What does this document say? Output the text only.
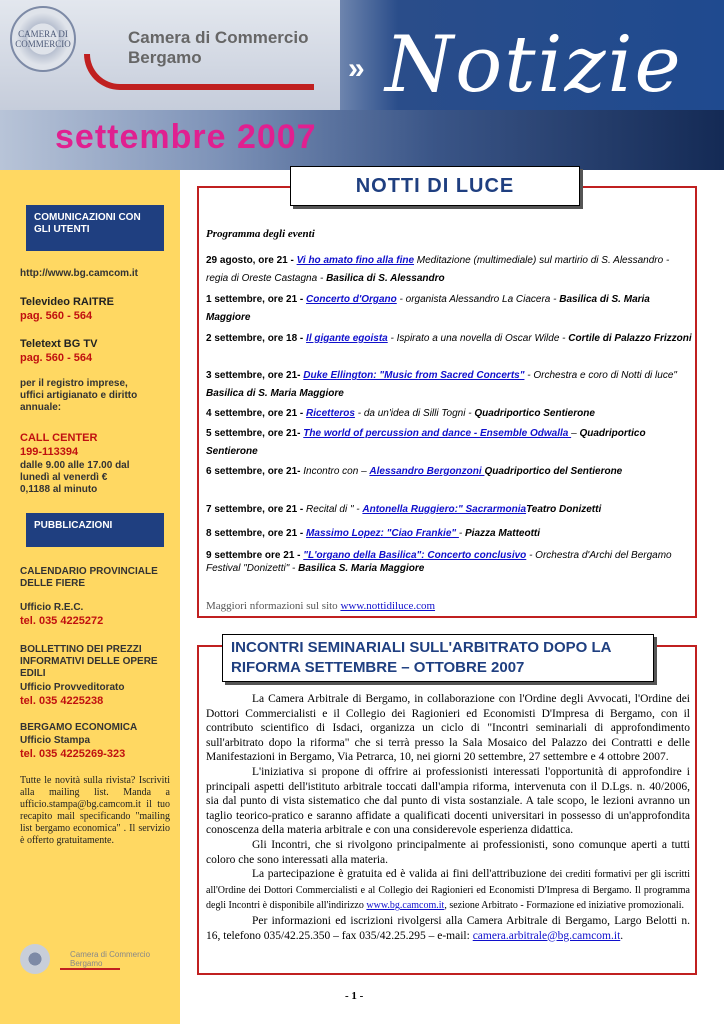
CAMERA DI COMMERCIO	Camera di Commercio
Bergamo	» Notizie
settembre 2007
COMUNICAZIONI CON GLI UTENTI
http://www.bg.camcom.it
Televideo RAITRE
pag. 560 - 564
Teletext BG TV
pag. 560 - 564
per il registro imprese, uffici artigianato e diritto annuale:
CALL CENTER
199-113394
dalle 9.00 alle 17.00 dal lunedì al venerdì € 0,1188 al minuto
PUBBLICAZIONI
CALENDARIO PROVINCIALE DELLE FIERE
Ufficio R.E.C.
tel. 035 4225272
BOLLETTINO DEI PREZZI INFORMATIVI DELLE OPERE EDILI
Ufficio Provveditorato
tel. 035 4225238
BERGAMO ECONOMICA
Ufficio Stampa
tel. 035 4225269-323
Tutte le novità sulla rivista? Iscriviti alla mailing list. Manda a ufficio.stampa@bg.camcom.it il tuo recapito mail specificando "mailing list bergamo economica" . Il servizio è offerto gratuitamente.
Camera di Commercio
Bergamo
NOTTI DI LUCE
Programma degli eventi
29 agosto, ore 21 - Vi ho amato fino alla fine Meditazione (multimediale) sul martirio di S. Alessandro - regia di Oreste Castagna - Basilica di S. Alessandro
1 settembre, ore 21 - Concerto d'Organo - organista Alessandro La Ciacera - Basilica di S. Maria Maggiore
2 settembre, ore 18 - Il gigante egoista - Ispirato a una novella di Oscar Wilde - Cortile di Palazzo Frizzoni
3 settembre, ore 21- Duke Ellington: "Music from Sacred Concerts" - Orchestra e coro di Notti di luce" Basilica di S. Maria Maggiore
4 settembre, ore 21 - Ricetteros - da un'idea di Silli Togni - Quadriportico Sentierone
5 settembre, ore 21- The world of percussion and dance - Ensemble Odwalla – Quadriportico Sentierone
6 settembre, ore 21- Incontro con – Alessandro Bergonzoni Quadriportico del Sentierone
7 settembre, ore 21 - Recital di " - Antonella Ruggiero:" SacrarmoniaTeatro Donizetti
8 settembre, ore 21 - Massimo Lopez: "Ciao Frankie" - Piazza Matteotti
9 settembre ore 21 - "L'organo della Basilica": Concerto conclusivo - Orchestra d'Archi del Bergamo Festival "Donizetti" - Basilica S. Maria Maggiore
Maggiori nformazioni sul sito www.nottidiluce.com
INCONTRI SEMINARIALI SULL'ARBITRATO DOPO LA RIFORMA SETTEMBRE – OTTOBRE 2007

La Camera Arbitrale di Bergamo, in collaborazione con l'Ordine degli Avvocati, l'Ordine dei Dottori Commercialisti e il Collegio dei Ragionieri ed Economisti D'Impresa di Bergamo, con il contributo scientifico di Isdaci, organizza un ciclo di "Incontri seminariali di approfondimento sull'arbitrato dopo la riforma" che si terrà presso la Sala Mosaico del Palazzo dei Contratti e delle Manifestazioni in Bergamo, Via Petrarca, 10, nei giorni 20 settembre, 27 settembre e 4 ottobre 2007.

L'iniziativa si propone di offrire ai professionisti interessati l'opportunità di approfondire i principali aspetti dell'istituto arbitrale toccati dall'ampia riforma, intervenuta con il D.Lgs. n. 40/2006, sia dal punto di vista sistematico che dal punto di vista sostanziale. A tale scopo, le lezioni avranno un taglio teorico-pratico e saranno affidate a qualificati docenti universitari in possesso di un'approfondita conoscenza della materia arbitrale e con una considerevole esperienza didattica.

Gli Incontri, che si rivolgono principalmente ai professionisti, sono comunque aperti a tutti coloro che sono interessati alla materia.

La partecipazione è gratuita ed è valida ai fini dell'attribuzione dei crediti formativi per gli iscritti all'Ordine dei Dottori Commercialisti e al Collegio dei Ragionieri ed Economisti D'Impresa di Bergamo. Il programma degli Incontri è disponibile all'indirizzo www.bg.camcom.it, sezione Arbitrato - Formazione ed iniziative promozionali.

Per informazioni ed iscrizioni rivolgersi alla Camera Arbitrale di Bergamo, Largo Belotti n. 16, telefono 035/42.25.350 – fax 035/42.25.295 – e-mail: camera.arbitrale@bg.camcom.it.

- 1 -
